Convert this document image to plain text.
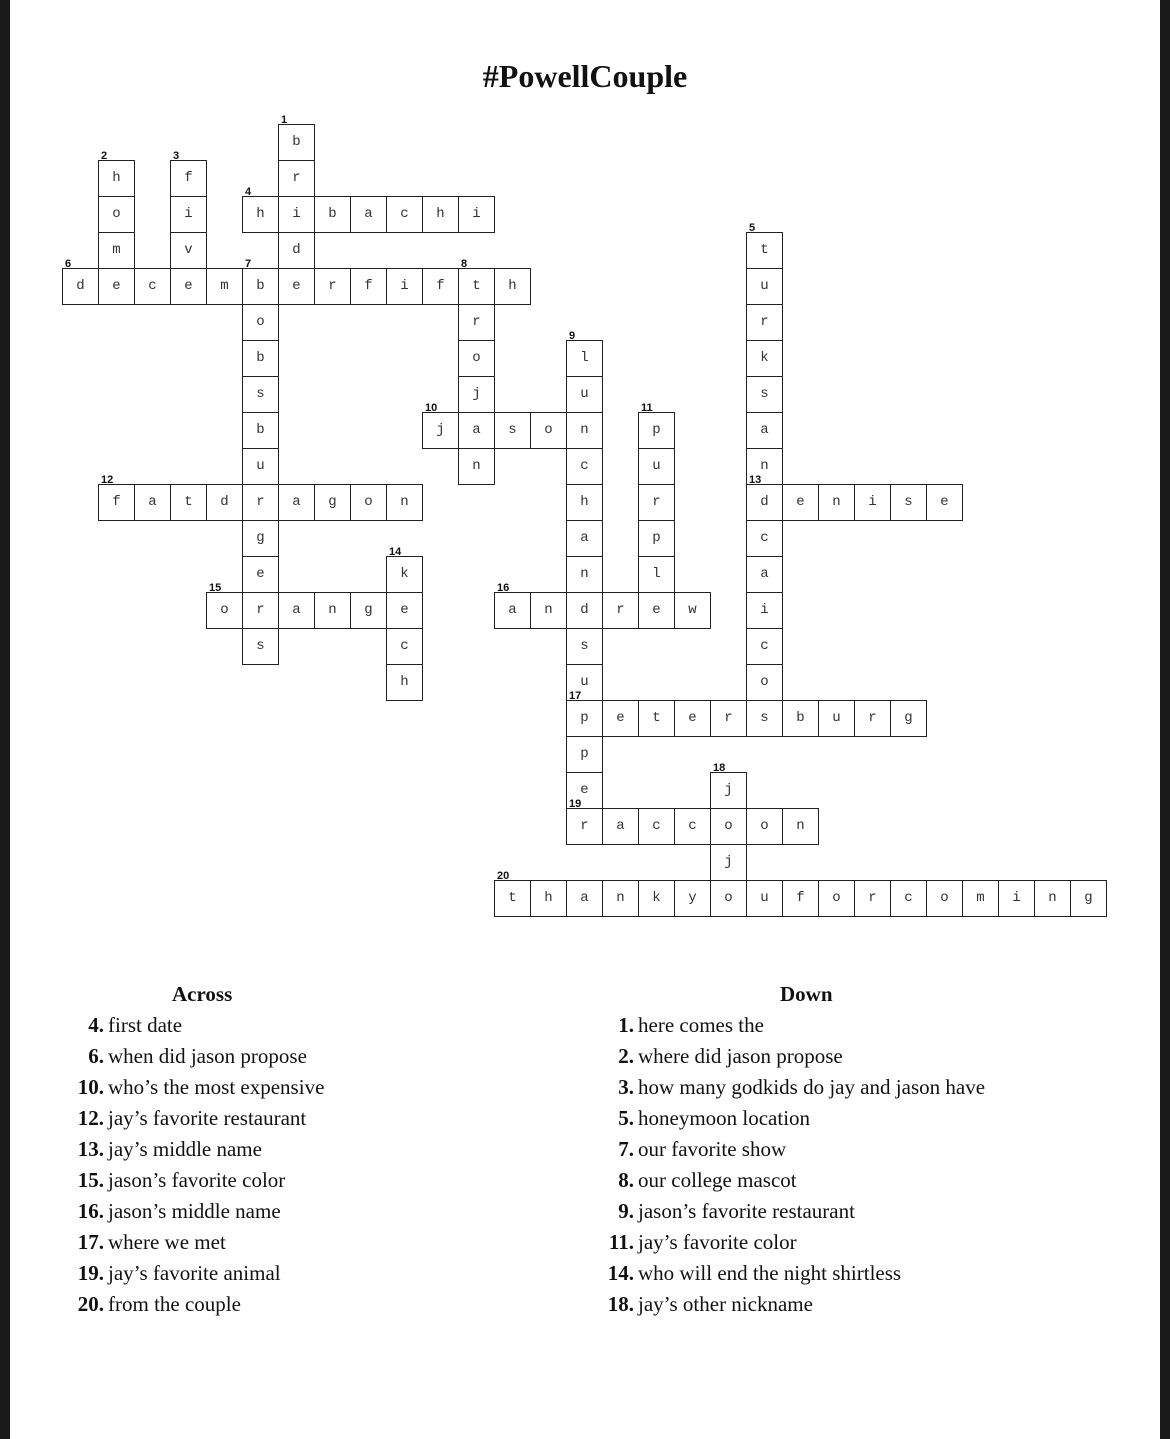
#PowellCouple
1
b
2
h
3
f	r
o	i
4
h	i	b	a	c	h	i
m	v	d
5
t
6
d	e	c	e	m
7
b	e	r	f	i	f
8
t	h	u
o	r	r
b	o
9
l	k
s	j	u	s
b
10
j	a	s	o	n
11
p	a
u	n	c	u	n
12
f	a	t	d	r	a	g	o	n	h	r
13
d	e	n	i	s	e
g	a	p	c
e
14
k	n	l	a
15
o	r	a	n	g	e
16
a	n	d	r	e	w	i
s	c	s	c
h	u	o
17
p	e	t	e	r	s	b	u	r	g
p
e
18
j
19
r	a	c	c	o	o	n
j
20
t	h	a	n	k	y	o	u	f	o	r	c	o	m	i	n	g
Across
4. first date
6. when did jason propose
10. who’s the most expensive
12. jay’s favorite restaurant
13. jay’s middle name
15. jason’s favorite color
16. jason’s middle name
17. where we met
19. jay’s favorite animal
20. from the couple
Down
1. here comes the
2. where did jason propose
3. how many godkids do jay and jason have
5. honeymoon location
7. our favorite show
8. our college mascot
9. jason’s favorite restaurant
11. jay’s favorite color
14. who will end the night shirtless
18. jay’s other nickname
